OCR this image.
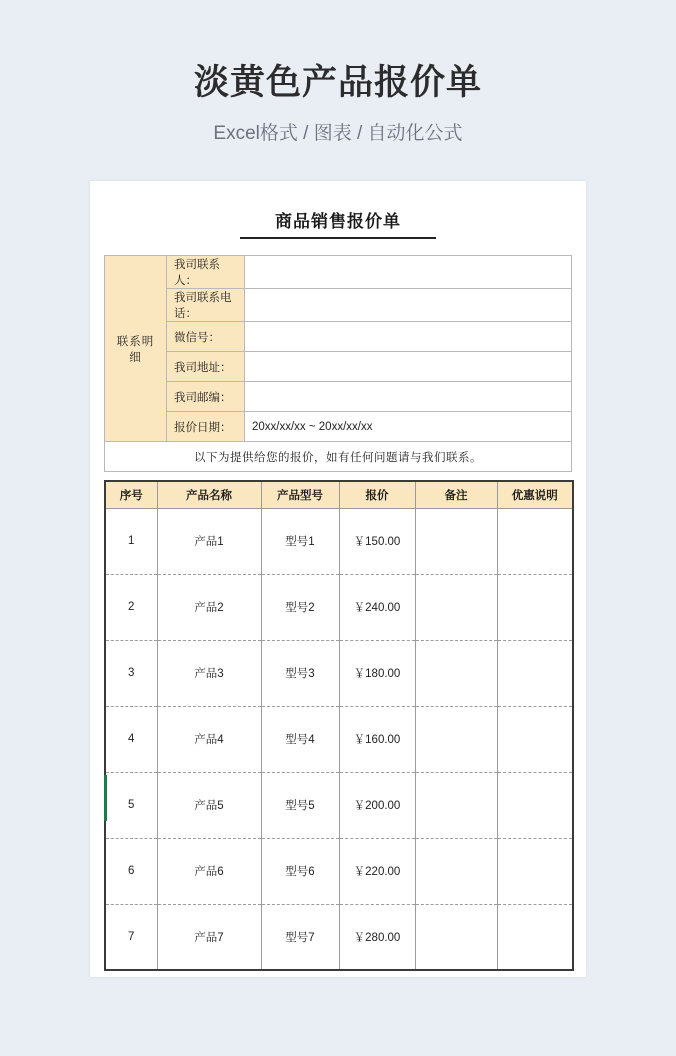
淡黄色产品报价单
Excel格式 / 图表 / 自动化公式
商品销售报价单
联系明细	我司联系人：	
	我司联系电话：	
	微信号：	
	我司地址：	
	我司邮编：	
	报价日期：	20xx/xx/xx ~ 20xx/xx/xx
以下为提供给您的报价，如有任何问题请与我们联系。		
序号	产品名称	产品型号	报价	备注	优惠说明
1	产品1	型号1	￥150.00		
2	产品2	型号2	￥240.00		
3	产品3	型号3	￥180.00		
4	产品4	型号4	￥160.00		
5	产品5	型号5	￥200.00		
6	产品6	型号6	￥220.00		
7	产品7	型号7	￥280.00		
